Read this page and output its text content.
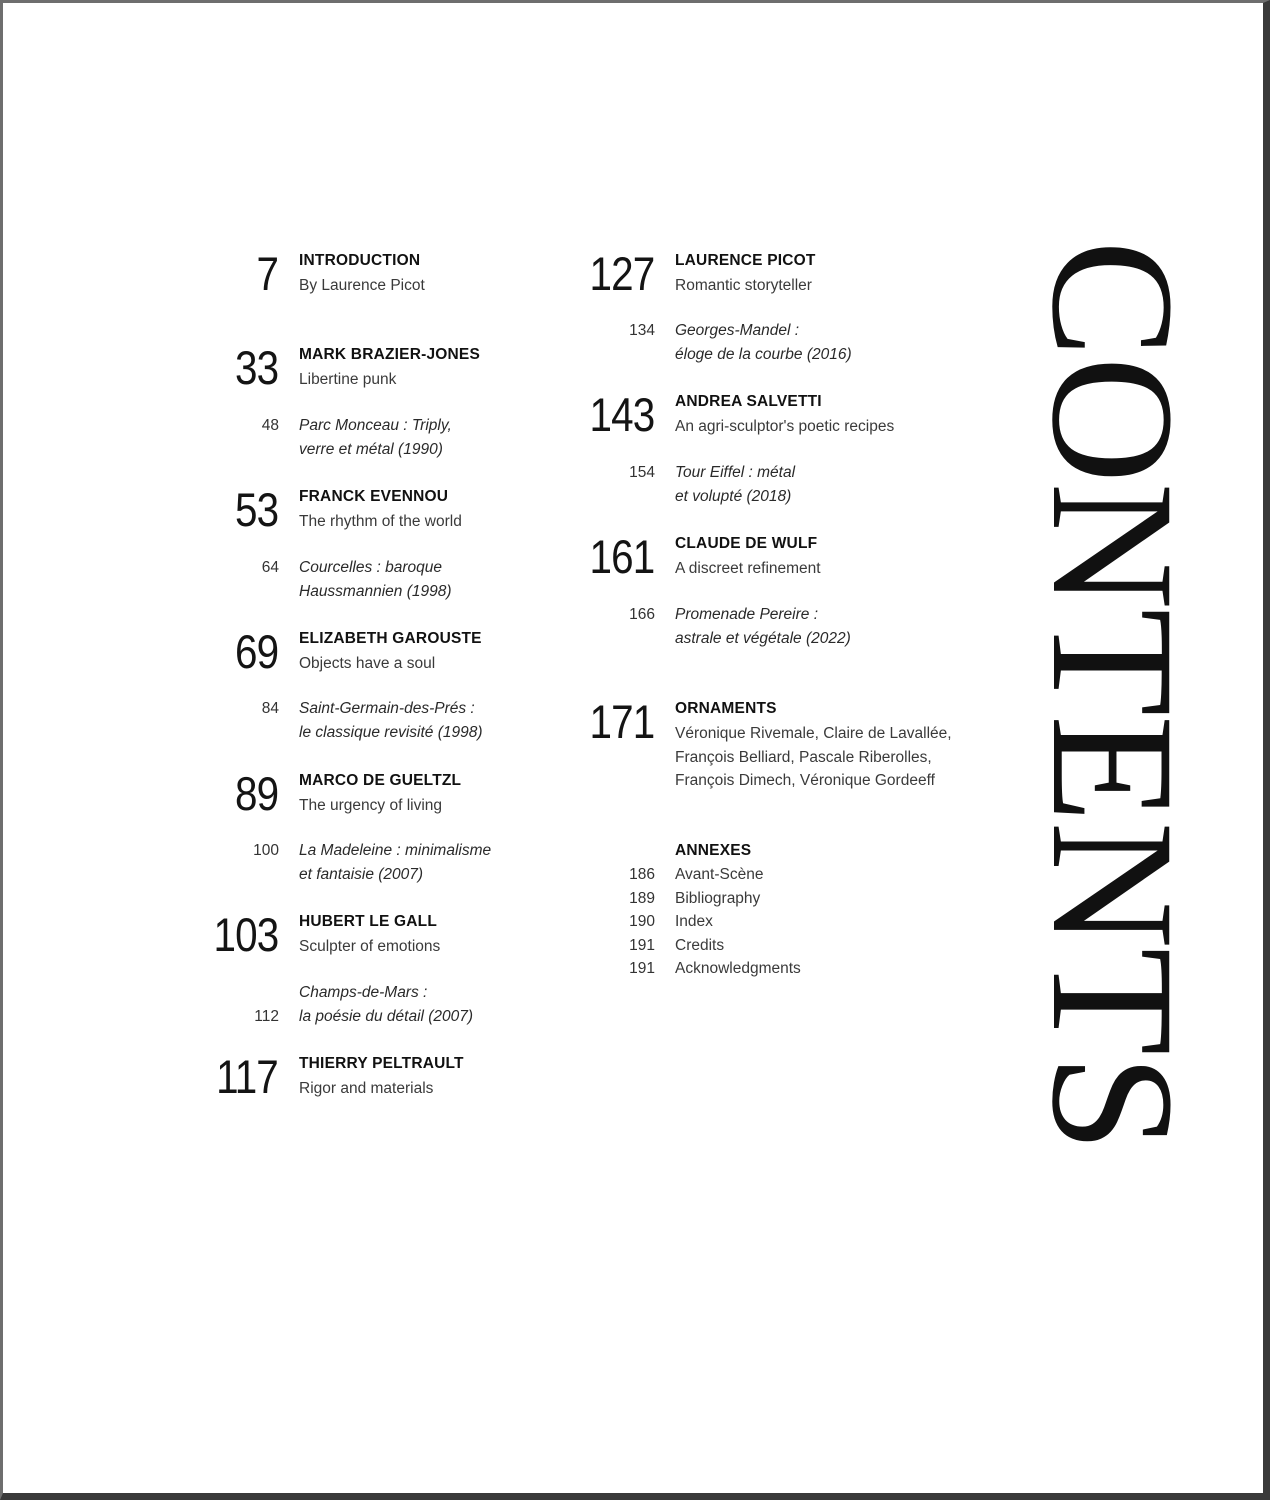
7 INTRODUCTION
By Laurence Picot
33 MARK BRAZIER-JONES
Libertine punk
48 Parc Monceau : Triply,
verre et métal (1990)
53 FRANCK EVENNOU
The rhythm of the world
64 Courcelles : baroque
Haussmannien (1998)
69 ELIZABETH GAROUSTE
Objects have a soul
84 Saint-Germain-des-Prés :
le classique revisité (1998)
89 MARCO DE GUELTZL
The urgency of living
100 La Madeleine : minimalisme
et fantaisie (2007)
103 HUBERT LE GALL
Sculpter of emotions
112
Champs-de-Mars :
la poésie du détail (2007)
117 THIERRY PELTRAULT
Rigor and materials
127 LAURENCE PICOT
Romantic storyteller
134 Georges-Mandel :
éloge de la courbe (2016)
143 ANDREA SALVETTI
An agri-sculptor's poetic recipes
154 Tour Eiffel : métal
et volupté (2018)
161 CLAUDE DE WULF
A discreet refinement
166 Promenade Pereire :
astrale et végétale (2022)
171 ORNAMENTS
Véronique Rivemale, Claire de Lavallée,
François Belliard, Pascale Riberolles,
François Dimech, Véronique Gordeeff
ANNEXES
186 Avant-Scène
189 Bibliography
190 Index
191 Credits
191 Acknowledgments CONTENTS
